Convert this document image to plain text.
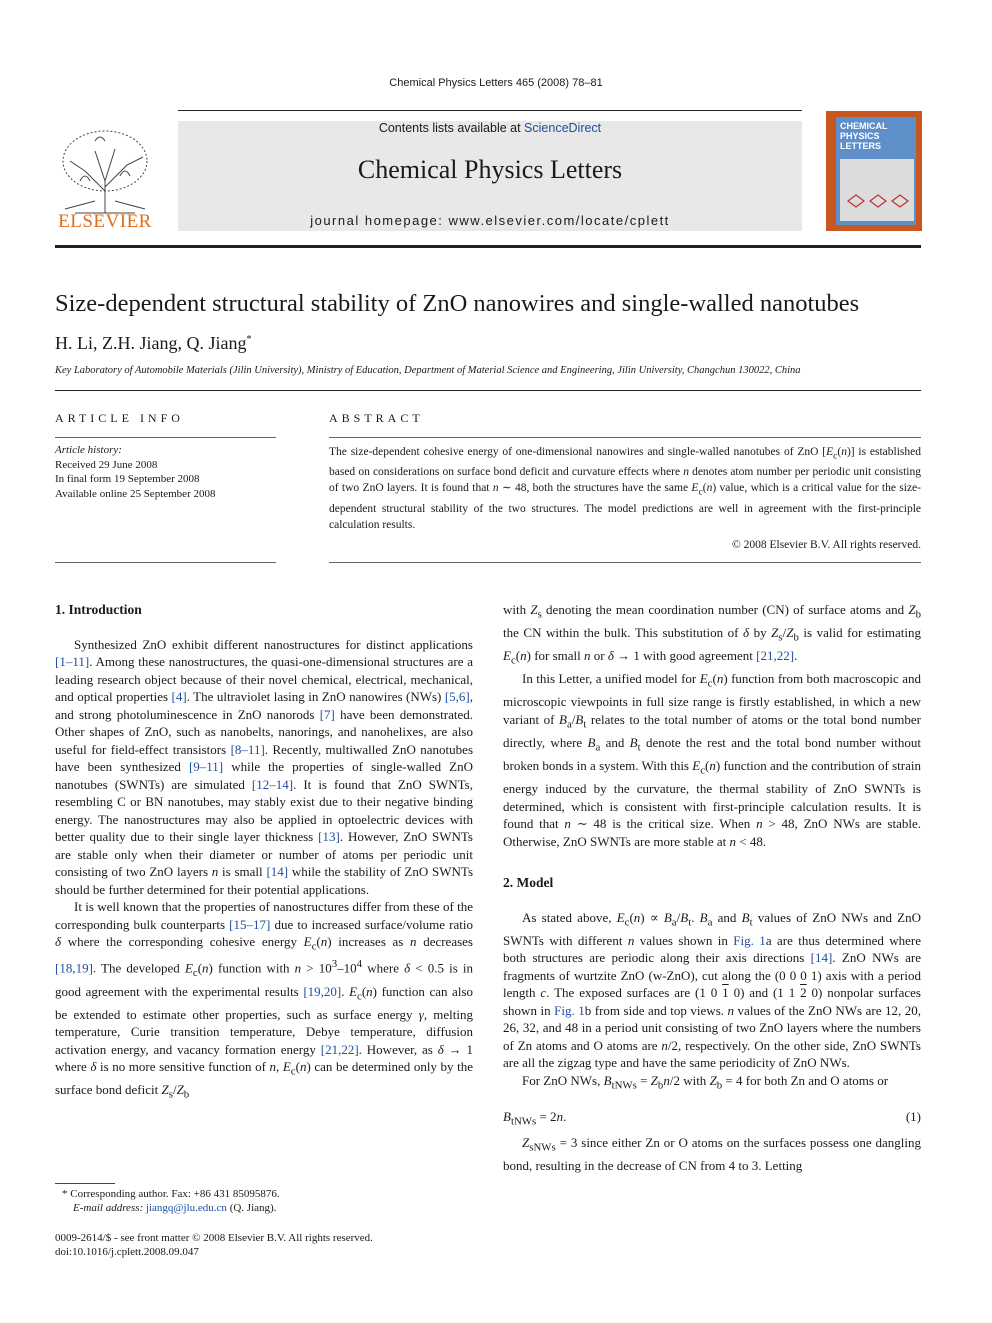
Chemical Physics Letters 465 (2008) 78–81
ELSEVIER
Contents lists available at ScienceDirect
Chemical Physics Letters
journal homepage: www.elsevier.com/locate/cplett
CHEMICAL
PHYSICS
LETTERS
Size-dependent structural stability of ZnO nanowires and single-walled nanotubes
H. Li, Z.H. Jiang, Q. Jiang*
Key Laboratory of Automobile Materials (Jilin University), Ministry of Education, Department of Material Science and Engineering, Jilin University, Changchun 130022, China
ARTICLE INFO
Article history:
Received 29 June 2008
In final form 19 September 2008
Available online 25 September 2008
ABSTRACT
The size-dependent cohesive energy of one-dimensional nanowires and single-walled nanotubes of ZnO $[E_c(n)]$ is established based on considerations on surface bond deficit and curvature effects where n denotes atom number per periodic unit consisting of two ZnO layers. It is found that n ∼ 48, both the structures have the same $E_c(n)$ value, which is a critical value for the size-dependent structural stability of the two structures. The model predictions are well in agreement with the first-principle calculation results.
© 2008 Elsevier B.V. All rights reserved.
1. Introduction

Synthesized ZnO exhibit different nanostructures for distinct applications [1–11]. Among these nanostructures, the quasi-one-dimensional structures are a leading research object because of their novel chemical, electrical, mechanical, and optical properties [4]. The ultraviolet lasing in ZnO nanowires (NWs) [5,6], and strong photoluminescence in ZnO nanorods [7] have been demonstrated. Other shapes of ZnO, such as nanobelts, nanorings, and nanohelixes, are also useful for field-effect transistors [8–11]. Recently, multiwalled ZnO nanotubes have been synthesized [9–11] while the properties of single-walled ZnO nanotubes (SWNTs) are simulated [12–14]. It is found that ZnO SWNTs, resembling C or BN nanotubes, may stably exist due to their negative binding energy. The nanostructures may also be applied in optoelectric devices with better quality due to their single layer thickness [13]. However, ZnO SWNTs are stable only when their diameter or number of atoms per periodic unit consisting of two ZnO layers n is small [14] while the stability of ZnO SWNTs should be further determined for their potential applications.

It is well known that the properties of nanostructures differ from these of the corresponding bulk counterparts [15–17] due to increased surface/volume ratio δ where the corresponding cohesive energy $E_c(n)$ increases as n decreases [18,19]. The developed $E_c(n)$ function with $n > 10^3-10^4$ where δ < 0.5 is in good agreement with the experimental results [19,20]. $E_c(n)$ function can also be extended to estimate other properties, such as surface energy γ, melting temperature, Curie transition temperature, Debye temperature, diffusion activation energy, and vacancy formation energy [21,22]. However, as δ → 1 where δ is no more sensitive function of n, $E_c(n)$ can be determined only by the surface bond deficit $Z_s/Z_b$

with $Z_s$ denoting the mean coordination number (CN) of surface atoms and $Z_b$ the CN within the bulk. This substitution of δ by $Z_s/Z_b$ is valid for estimating $E_c(n)$ for small n or δ → 1 with good agreement [21,22].

In this Letter, a unified model for $E_c(n)$ function from both macroscopic and microscopic viewpoints in full size range is firstly established, in which a new variant of $B_a/B_t$ relates to the total number of atoms or the total bond number directly, where $B_a$ and $B_t$ denote the rest and the total bond number without broken bonds in a system. With this $E_c(n)$ function and the contribution of strain energy induced by the curvature, the thermal stability of ZnO SWNTs is determined, which is consistent with first-principle calculation results. It is found that n ∼ 48 is the critical size. When n > 48, ZnO NWs are stable. Otherwise, ZnO SWNTs are more stable at n < 48.

2. Model

As stated above, $E_c(n) \propto B_a/B_t$. $B_a$ and $B_t$ values of ZnO NWs and ZnO SWNTs with different n values shown in Fig. 1a are thus determined where both structures are periodic along their axis directions [14]. ZnO NWs are fragments of wurtzite ZnO (w-ZnO), cut along the (0 0 0 1) axis with a period length c. The exposed surfaces are (1 0 1 0) and (1 1 2 0) nonpolar surfaces shown in Fig. 1b from side and top views. n values of the ZnO NWs are 12, 20, 26, 32, and 48 in a period unit consisting of two ZnO layers where the numbers of Zn atoms and O atoms are n/2, respectively. On the other side, ZnO SWNTs are all the zigzag type and have the same periodicity of ZnO NWs.

For ZnO NWs, $B_{tNWs} = Z_bn/2$ with $Z_b = 4$ for both Zn and O atoms or

$B_{tNWs} = 2n$.	(1)

$Z_{sNWs} = 3$ since either Zn or O atoms on the surfaces possess one dangling bond, resulting in the decrease of CN from 4 to 3. Letting

* Corresponding author. Fax: +86 431 85095876.
E-mail address: jiangq@jlu.edu.cn (Q. Jiang).
0009-2614/$ - see front matter © 2008 Elsevier B.V. All rights reserved.
doi:10.1016/j.cplett.2008.09.047
